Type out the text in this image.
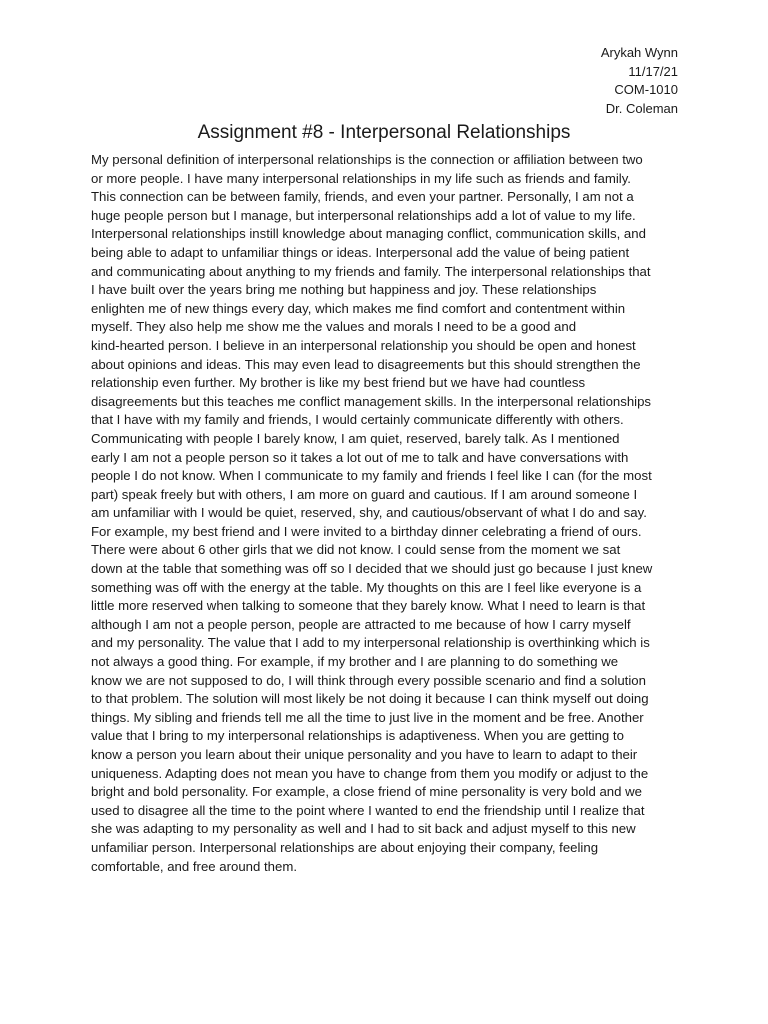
Arykah Wynn
11/17/21
COM-1010
Dr. Coleman
Assignment #8 - Interpersonal Relationships
My personal definition of interpersonal relationships is the connection or affiliation between two
or more people. I have many interpersonal relationships in my life such as friends and family.
This connection can be between family, friends, and even your partner. Personally, I am not a
huge people person but I manage, but interpersonal relationships add a lot of value to my life.
Interpersonal relationships instill knowledge about managing conflict, communication skills, and
being able to adapt to unfamiliar things or ideas. Interpersonal add the value of being patient
and communicating about anything to my friends and family. The interpersonal relationships that
I have built over the years bring me nothing but happiness and joy. These relationships
enlighten me of new things every day, which makes me find comfort and contentment within
myself. They also help me show me the values and morals I need to be a good and
kind-hearted person. I believe in an interpersonal relationship you should be open and honest
about opinions and ideas. This may even lead to disagreements but this should strengthen the
relationship even further. My brother is like my best friend but we have had countless
disagreements but this teaches me conflict management skills. In the interpersonal relationships
that I have with my family and friends, I would certainly communicate differently with others.
Communicating with people I barely know, I am quiet, reserved, barely talk. As I mentioned
early I am not a people person so it takes a lot out of me to talk and have conversations with
people I do not know. When I communicate to my family and friends I feel like I can (for the most
part) speak freely but with others, I am more on guard and cautious. If I am around someone I
am unfamiliar with I would be quiet, reserved, shy, and cautious/observant of what I do and say.
For example, my best friend and I were invited to a birthday dinner celebrating a friend of ours.
There were about 6 other girls that we did not know. I could sense from the moment we sat
down at the table that something was off so I decided that we should just go because I just knew
something was off with the energy at the table. My thoughts on this are I feel like everyone is a
little more reserved when talking to someone that they barely know. What I need to learn is that
although I am not a people person, people are attracted to me because of how I carry myself
and my personality. The value that I add to my interpersonal relationship is overthinking which is
not always a good thing. For example, if my brother and I are planning to do something we
know we are not supposed to do, I will think through every possible scenario and find a solution
to that problem. The solution will most likely be not doing it because I can think myself out doing
things. My sibling and friends tell me all the time to just live in the moment and be free. Another
value that I bring to my interpersonal relationships is adaptiveness. When you are getting to
know a person you learn about their unique personality and you have to learn to adapt to their
uniqueness. Adapting does not mean you have to change from them you modify or adjust to the
bright and bold personality. For example, a close friend of mine personality is very bold and we
used to disagree all the time to the point where I wanted to end the friendship until I realize that
she was adapting to my personality as well and I had to sit back and adjust myself to this new
unfamiliar person. Interpersonal relationships are about enjoying their company, feeling
comfortable, and free around them.
